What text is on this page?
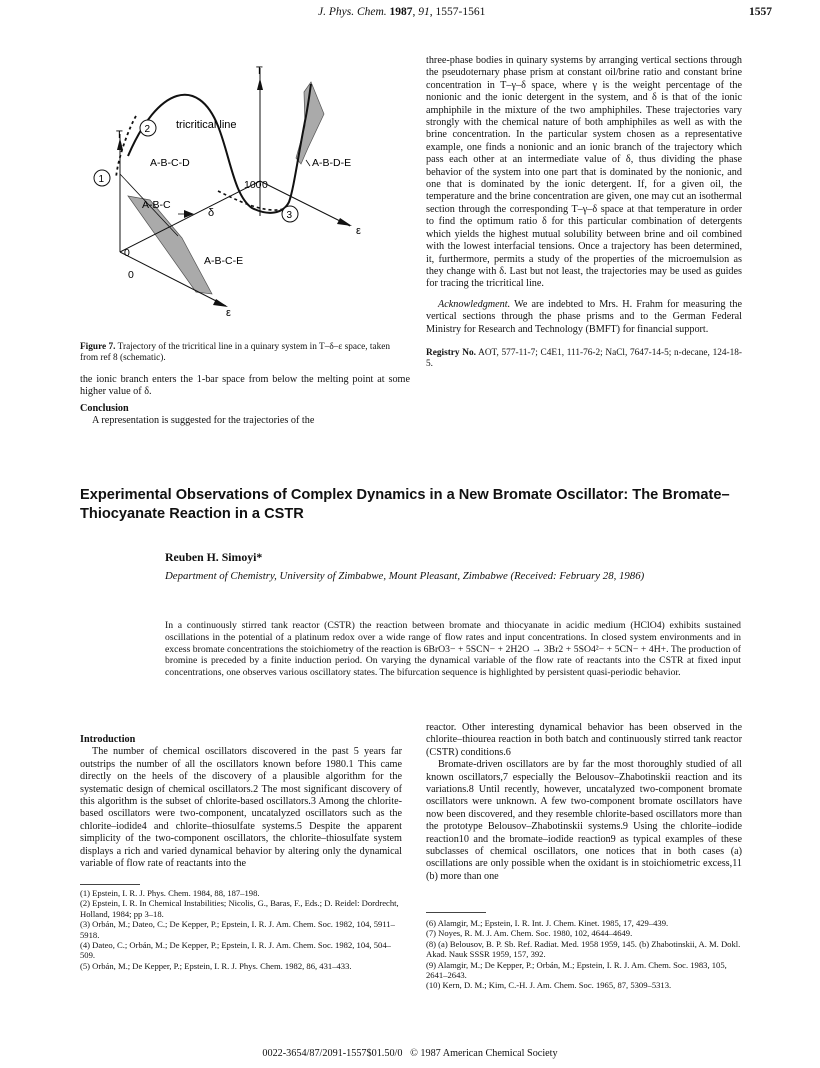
J. Phys. Chem. 1987, 91, 1557-1561	1557
T
T
tricritical line
A-B-C-D
A-B-C
A-B-C-E
A-B-D-E
100 0
0
0
δ
ε
ε
1
2
3
Figure 7. Trajectory of the tricritical line in a quinary system in T–δ–ε space, taken from ref 8 (schematic).

the ionic branch enters the 1-bar space from below the melting point at some higher value of δ.

Conclusion

A representation is suggested for the trajectories of the

three-phase bodies in quinary systems by arranging vertical sections through the pseudoternary phase prism at constant oil/brine ratio and constant brine concentration in T–γ–δ space, where γ is the weight percentage of the nonionic and the ionic detergent in the system, and δ is that of the ionic amphiphile in the mixture of the two amphiphiles. These trajectories vary strongly with the chemical nature of both amphiphiles as well as with the brine concentration. In the particular system chosen as a representative example, one finds a nonionic and an ionic branch of the trajectory which pass each other at an intermediate value of δ, thus dividing the phase behavior of the system into one part that is dominated by the nonionic, and one that is dominated by the ionic detergent. If, for a given oil, the temperature and the brine concentration are given, one may cut an isothermal section through the corresponding T–γ–δ space at that temperature in order to find the optimum ratio δ for this particular combination of detergents which yields the highest mutual solubility between brine and oil combined with the lowest interfacial tensions. Once a trajectory has been determined, it, furthermore, permits a study of the properties of the microemulsion as they change with δ. Last but not least, the trajectories may be used as guides for tracing the tricritical line.

Acknowledgment. We are indebted to Mrs. H. Frahm for measuring the vertical sections through the phase prisms and to the German Federal Ministry for Research and Technology (BMFT) for financial support.

Registry No. AOT, 577-11-7; C4E1, 111-76-2; NaCl, 7647-14-5; n-decane, 124-18-5.

Experimental Observations of Complex Dynamics in a New Bromate Oscillator: The Bromate–Thiocyanate Reaction in a CSTR
Reuben H. Simoyi*
Department of Chemistry, University of Zimbabwe, Mount Pleasant, Zimbabwe (Received: February 28, 1986)
In a continuously stirred tank reactor (CSTR) the reaction between bromate and thiocyanate in acidic medium (HClO4) exhibits sustained oscillations in the potential of a platinum redox over a wide range of flow rates and input concentrations. In closed system environments and in excess bromate concentrations the stoichiometry of the reaction is 6BrO3− + 5SCN− + 2H2O → 3Br2 + 5SO4²− + 5CN− + 4H+. The production of bromine is preceded by a finite induction period. On varying the dynamical variable of the flow rate of reactants into the CSTR at fixed input concentrations, one observes various oscillatory states. The bifurcation sequence is highlighted by persistent quasi-periodic behavior.

Introduction

The number of chemical oscillators discovered in the past 5 years far outstrips the number of all the oscillators known before 1980.1 This came directly on the heels of the discovery of a plausible algorithm for the systematic design of chemical oscillators.2 The most significant discovery of this algorithm is the subset of chlorite-based oscillators.3 Among the chlorite-based oscillators were two-component, uncatalyzed oscillators such as the chlorite–iodide4 and chlorite–thiosulfate systems.5 Despite the apparent simplicity of the two-component oscillators, the chlorite–thiosulfate system displays a rich and varied dynamical behavior by altering only the dynamical variable of flow rate of reactants into the

reactor. Other interesting dynamical behavior has been observed in the chlorite–thiourea reaction in both batch and continuously stirred tank reactor (CSTR) conditions.6

Bromate-driven oscillators are by far the most thoroughly studied of all known oscillators,7 especially the Belousov–Zhabotinskii reaction and its variations.8 Until recently, however, uncatalyzed two-component bromate oscillators were unknown. A few two-component bromate oscillators have now been discovered, and they resemble chlorite-based oscillators more than the prototype Belousov–Zhabotinskii systems.9 Using the chlorite–iodide reaction10 and the bromate–iodide reaction9 as typical examples of these subclasses of chemical oscillators, one notices that in both cases (a) oscillations are only possible when the oxidant is in stoichiometric excess,11 (b) more than one

(1) Epstein, I. R. J. Phys. Chem. 1984, 88, 187–198.

(2) Epstein, I. R. In Chemical Instabilities; Nicolis, G., Baras, F., Eds.; D. Reidel: Dordrecht, Holland, 1984; pp 3–18.

(3) Orbán, M.; Dateo, C.; De Kepper, P.; Epstein, I. R. J. Am. Chem. Soc. 1982, 104, 5911–5918.

(4) Dateo, C.; Orbán, M.; De Kepper, P.; Epstein, I. R. J. Am. Chem. Soc. 1982, 104, 504–509.

(5) Orbán, M.; De Kepper, P.; Epstein, I. R. J. Phys. Chem. 1982, 86, 431–433.

(6) Alamgir, M.; Epstein, I. R. Int. J. Chem. Kinet. 1985, 17, 429–439.

(7) Noyes, R. M. J. Am. Chem. Soc. 1980, 102, 4644–4649.

(8) (a) Belousov, B. P. Sb. Ref. Radiat. Med. 1958 1959, 145. (b) Zhabotinskii, A. M. Dokl. Akad. Nauk SSSR 1959, 157, 392.

(9) Alamgir, M.; De Kepper, P.; Orbán, M.; Epstein, I. R. J. Am. Chem. Soc. 1983, 105, 2641–2643.

(10) Kern, D. M.; Kim, C.-H. J. Am. Chem. Soc. 1965, 87, 5309–5313.

0022-3654/87/2091-1557$01.50/0 © 1987 American Chemical Society
